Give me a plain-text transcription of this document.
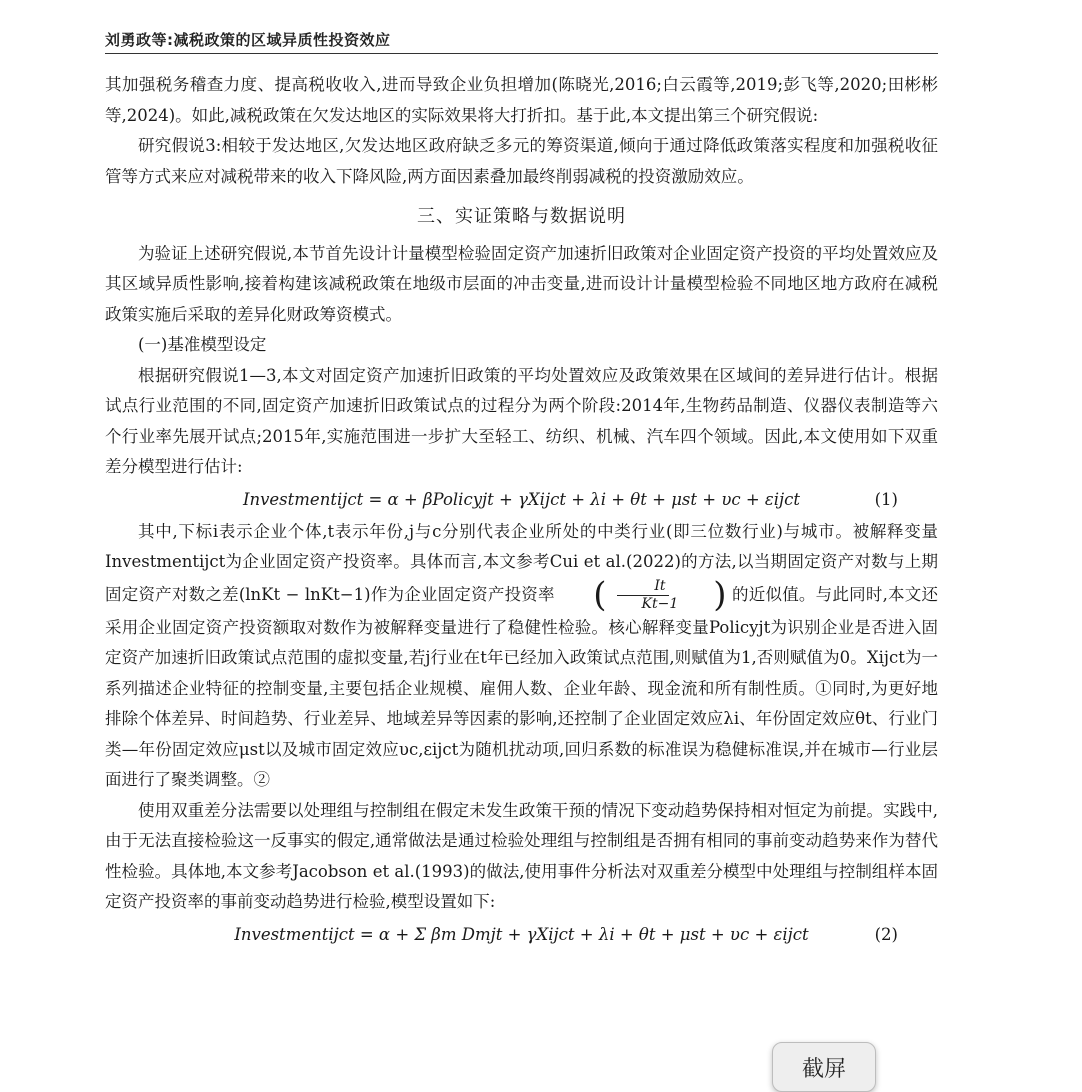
刘勇政等:减税政策的区域异质性投资效应

其加强税务稽查力度、提高税收收入,进而导致企业负担增加(陈晓光,2016;白云霞等,2019;彭飞等,2020;田彬彬等,2024)。如此,减税政策在欠发达地区的实际效果将大打折扣。基于此,本文提出第三个研究假说:

研究假说3:相较于发达地区,欠发达地区政府缺乏多元的筹资渠道,倾向于通过降低政策落实程度和加强税收征管等方式来应对减税带来的收入下降风险,两方面因素叠加最终削弱减税的投资激励效应。

三、实证策略与数据说明

为验证上述研究假说,本节首先设计计量模型检验固定资产加速折旧政策对企业固定资产投资的平均处置效应及其区域异质性影响,接着构建该减税政策在地级市层面的冲击变量,进而设计计量模型检验不同地区地方政府在减税政策实施后采取的差异化财政筹资模式。

(一)基准模型设定

根据研究假说1—3,本文对固定资产加速折旧政策的平均处置效应及政策效果在区域间的差异进行估计。根据试点行业范围的不同,固定资产加速折旧政策试点的过程分为两个阶段:2014年,生物药品制造、仪器仪表制造等六个行业率先展开试点;2015年,实施范围进一步扩大至轻工、纺织、机械、汽车四个领域。因此,本文使用如下双重差分模型进行估计:

Investmentijct = α + βPolicyjt + γXijct + λi + θt + μst + υc + εijct	(1)

其中,下标i表示企业个体,t表示年份,j与c分别代表企业所处的中类行业(即三位数行业)与城市。被解释变量Investmentijct为企业固定资产投资率。具体而言,本文参考Cui et al.(2022)的方法,以当期固定资产对数与上期固定资产对数之差(lnKt − lnKt−1)作为企业固定资产投资率	( $\frac{It}{Kt-1}$	) 的近似值。与此同时,本文还采用企业固定资产投资额取对数作为被解释变量进行了稳健性检验。核心解释变量Policyjt为识别企业是否进入固定资产加速折旧政策试点范围的虚拟变量,若j行业在t年已经加入政策试点范围,则赋值为1,否则赋值为0。Xijct为一系列描述企业特征的控制变量,主要包括企业规模、雇佣人数、企业年龄、现金流和所有制性质。①同时,为更好地排除个体差异、时间趋势、行业差异、地域差异等因素的影响,还控制了企业固定效应λi、年份固定效应θt、行业门类—年份固定效应μst以及城市固定效应υc,εijct为随机扰动项,回归系数的标准误为稳健标准误,并在城市—行业层面进行了聚类调整。②

使用双重差分法需要以处理组与控制组在假定未发生政策干预的情况下变动趋势保持相对恒定为前提。实践中,由于无法直接检验这一反事实的假定,通常做法是通过检验处理组与控制组是否拥有相同的事前变动趋势来作为替代性检验。具体地,本文参考Jacobson et al.(1993)的做法,使用事件分析法对双重差分模型中处理组与控制组样本固定资产投资率的事前变动趋势进行检验,模型设置如下:

Investmentijct = α + Σ βm Dmjt + γXijct + λi + θt + μst + υc + εijct	(2)
截屏
